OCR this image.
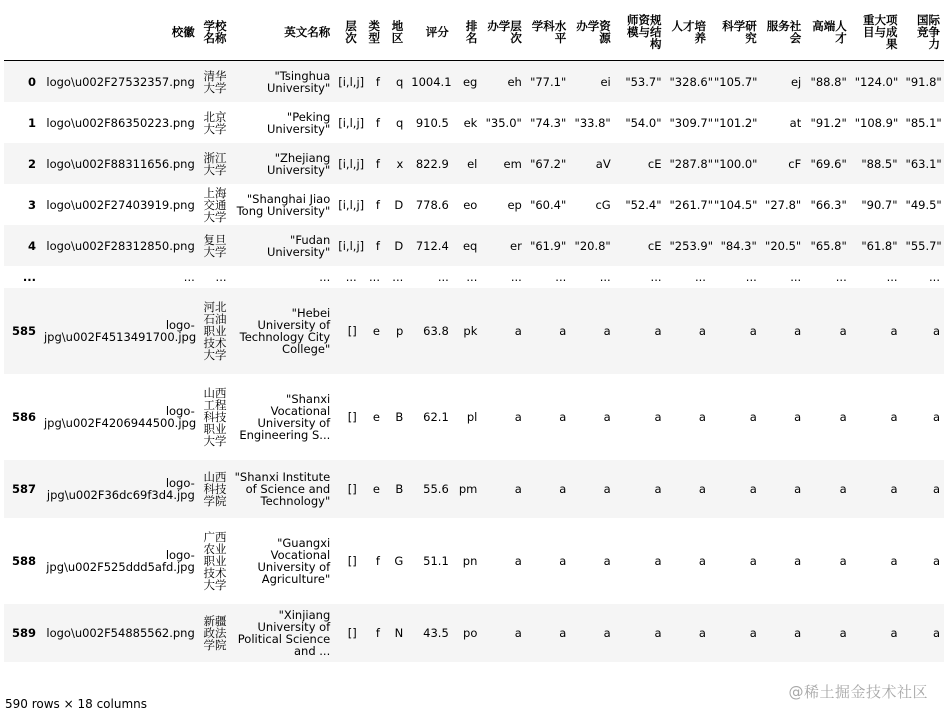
	校徽	学校名称	英文名称	层次	类型	地区	评分	排名	办学层次	学科水平	办学资源	师资规模与结构	人才培养	科学研究	服务社会	高端人才	重大项目与成果	国际竞争力
0	logo\u002F27532357.png	清华大学	"Tsinghua University"	[i,l,j]	f	q	1004.1	eg	eh	"77.1"	ei	"53.7"	"328.6"	"105.7"	ej	"88.8"	"124.0"	"91.8"
1	logo\u002F86350223.png	北京大学	"Peking University"	[i,l,j]	f	q	910.5	ek	"35.0"	"74.3"	"33.8"	"54.0"	"309.7"	"101.2"	at	"91.2"	"108.9"	"85.1"
2	logo\u002F88311656.png	浙江大学	"Zhejiang University"	[i,l,j]	f	x	822.9	el	em	"67.2"	aV	cE	"287.8"	"100.0"	cF	"69.6"	"88.5"	"63.1"
3	logo\u002F27403919.png	上海交通大学	"Shanghai Jiao Tong University"	[i,l,j]	f	D	778.6	eo	ep	"60.4"	cG	"52.4"	"261.7"	"104.5"	"27.8"	"66.3"	"90.7"	"49.5"
4	logo\u002F28312850.png	复旦大学	"Fudan University"	[i,l,j]	f	D	712.4	eq	er	"61.9"	"20.8"	cE	"253.9"	"84.3"	"20.5"	"65.8"	"61.8"	"55.7"
...	...	...	...	...	...	...	...	...	...	...	...	...	...	...	...	...	...	...
585	logo-jpg\u002F4513491700.jpg	河北石油职业技术大学	"Hebei University of Technology City College"	[]	e	p	63.8	pk	a	a	a	a	a	a	a	a	a	a
586	logo-jpg\u002F4206944500.jpg	山西工程科技职业大学	"Shanxi Vocational University of Engineering S...	[]	e	B	62.1	pl	a	a	a	a	a	a	a	a	a	a
587	logo-jpg\u002F36dc69f3d4.jpg	山西科技学院	"Shanxi Institute of Science and Technology"	[]	e	B	55.6	pm	a	a	a	a	a	a	a	a	a	a
588	logo-jpg\u002F525ddd5afd.jpg	广西农业职业技术大学	"Guangxi Vocational University of Agriculture"	[]	f	G	51.1	pn	a	a	a	a	a	a	a	a	a	a
589	logo\u002F54885562.png	新疆政法学院	"Xinjiang University of Political Science and ...	[]	f	N	43.5	po	a	a	a	a	a	a	a	a	a	a
590 rows × 18 columns
@稀土掘金技术社区
